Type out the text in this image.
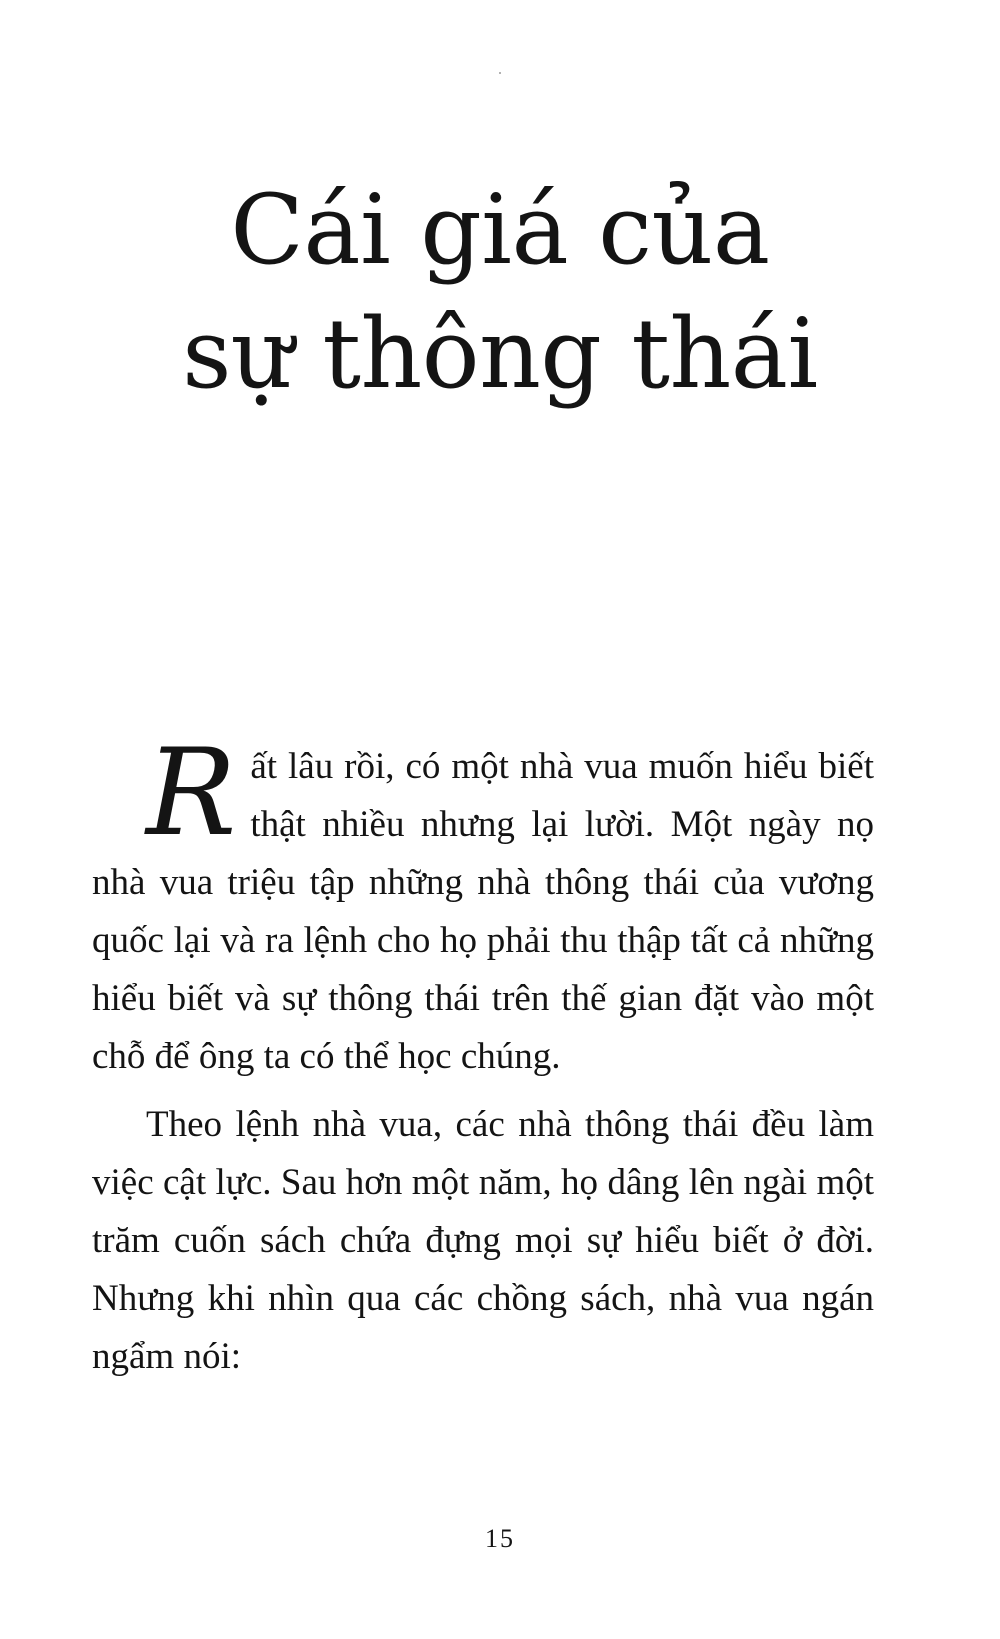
Cái giá của
sự thông thái

Rất lâu rồi, có một nhà vua muốn hiểu biết thật nhiều nhưng lại lười. Một ngày nọ nhà vua triệu tập những nhà thông thái của vương quốc lại và ra lệnh cho họ phải thu thập tất cả những hiểu biết và sự thông thái trên thế gian đặt vào một chỗ để ông ta có thể học chúng.

Theo lệnh nhà vua, các nhà thông thái đều làm việc cật lực. Sau hơn một năm, họ dâng lên ngài một trăm cuốn sách chứa đựng mọi sự hiểu biết ở đời. Nhưng khi nhìn qua các chồng sách, nhà vua ngán ngẩm nói:

15
